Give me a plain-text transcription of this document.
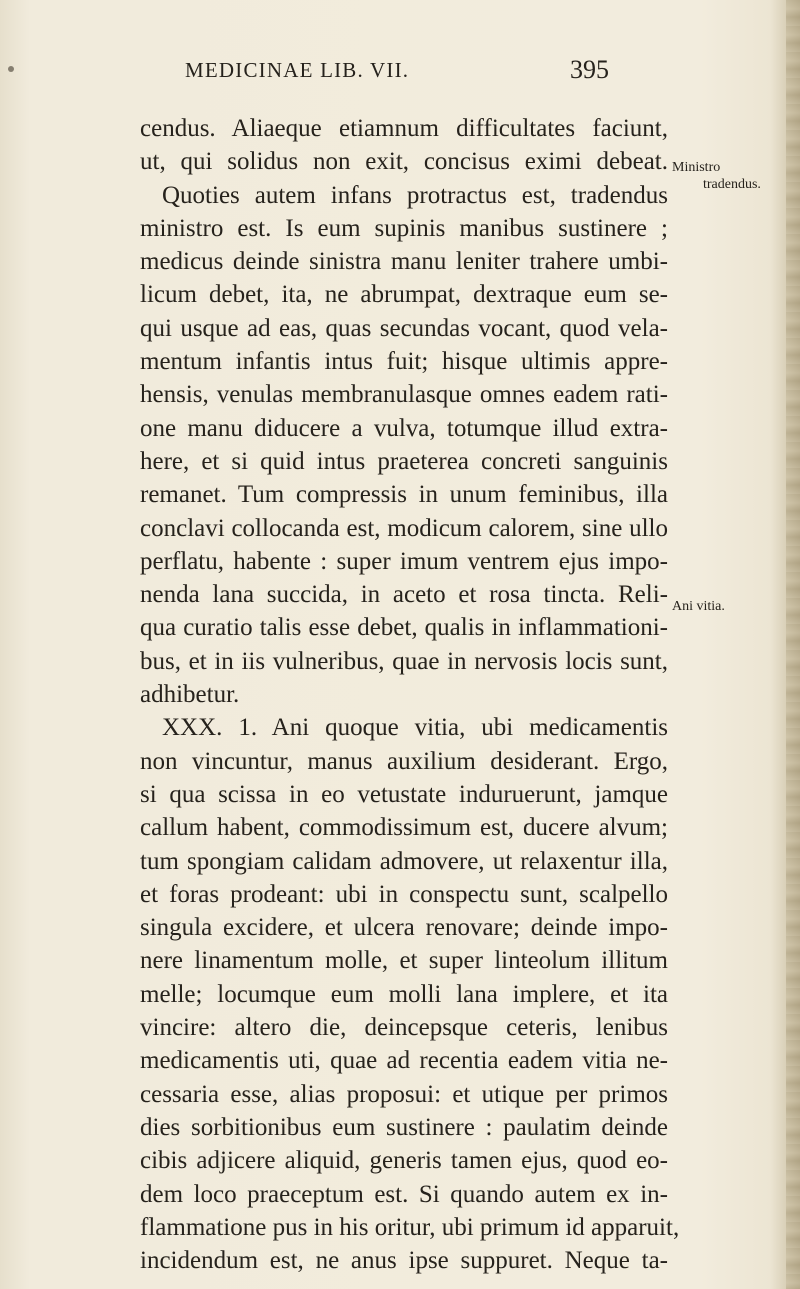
MEDICINAE LIB. VII.	395
cendus. Aliaeque etiamnum difficultates faciunt,
ut, qui solidus non exit, concisus eximi debeat.
Quoties autem infans protractus est, tradendus
ministro est. Is eum supinis manibus sustinere ;
medicus deinde sinistra manu leniter trahere umbi-
licum debet, ita, ne abrumpat, dextraque eum se-
qui usque ad eas, quas secundas vocant, quod vela-
mentum infantis intus fuit; hisque ultimis appre-
hensis, venulas membranulasque omnes eadem rati-
one manu diducere a vulva, totumque illud extra-
here, et si quid intus praeterea concreti sanguinis
remanet. Tum compressis in unum feminibus, illa
conclavi collocanda est, modicum calorem, sine ullo
perflatu, habente : super imum ventrem ejus impo-
nenda lana succida, in aceto et rosa tincta. Reli-
qua curatio talis esse debet, qualis in inflammationi-
bus, et in iis vulneribus, quae in nervosis locis sunt,
adhibetur.
XXX. 1. Ani quoque vitia, ubi medicamentis
non vincuntur, manus auxilium desiderant. Ergo,
si qua scissa in eo vetustate induruerunt, jamque
callum habent, commodissimum est, ducere alvum;
tum spongiam calidam admovere, ut relaxentur illa,
et foras prodeant: ubi in conspectu sunt, scalpello
singula excidere, et ulcera renovare; deinde impo-
nere linamentum molle, et super linteolum illitum
melle; locumque eum molli lana implere, et ita
vincire: altero die, deincepsque ceteris, lenibus
medicamentis uti, quae ad recentia eadem vitia ne-
cessaria esse, alias proposui: et utique per primos
dies sorbitionibus eum sustinere : paulatim deinde
cibis adjicere aliquid, generis tamen ejus, quod eo-
dem loco praeceptum est. Si quando autem ex in-
flammatione pus in his oritur, ubi primum id apparuit,
incidendum est, ne anus ipse suppuret. Neque ta-
Ministro
tradendus.
Ani vitia.
